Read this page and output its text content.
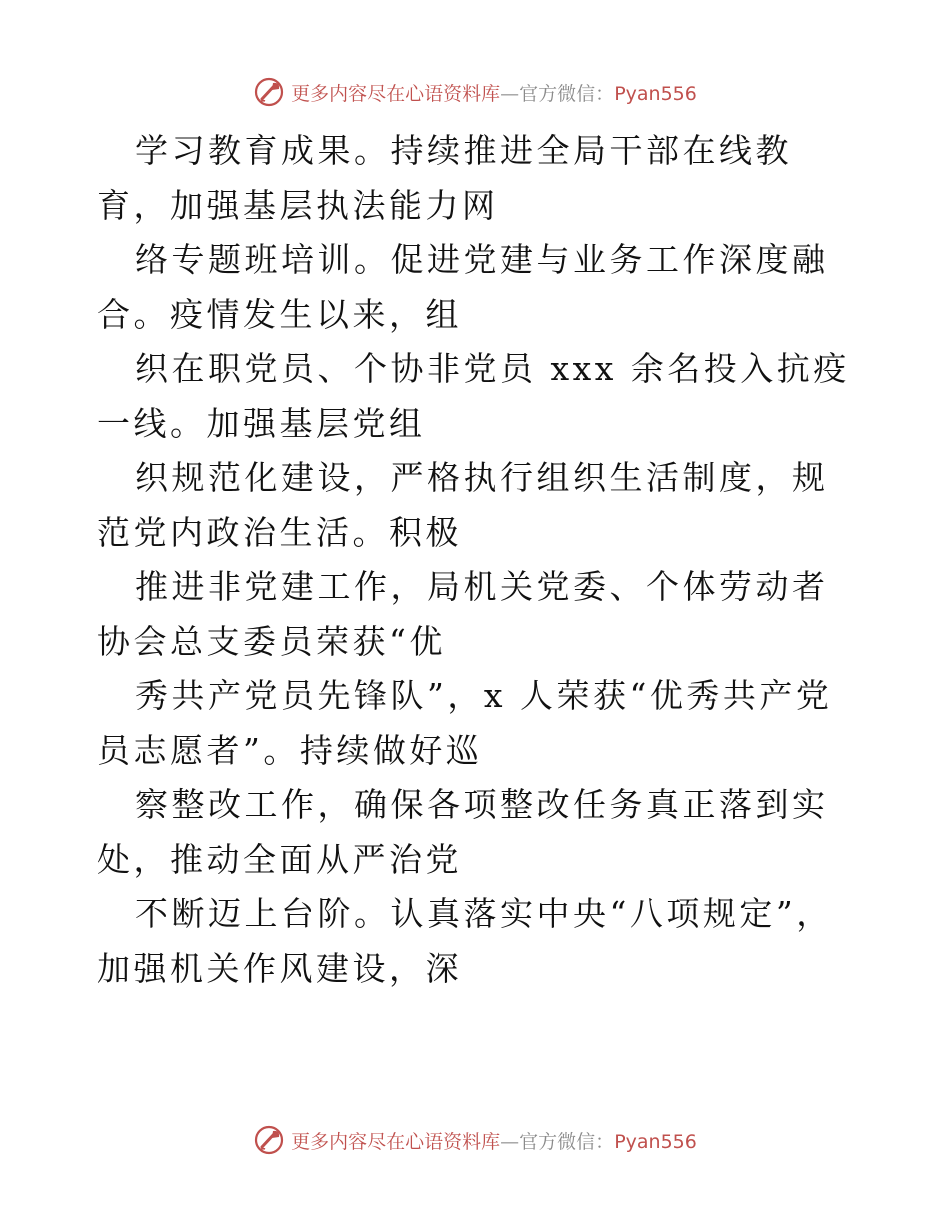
更多内容尽在心语资料库—官方微信：Pyan556

学习教育成果。持续推进全局干部在线教育，加强基层执法能力网

络专题班培训。促进党建与业务工作深度融合。疫情发生以来，组

织在职党员、个协非党员 xxx 余名投入抗疫一线。加强基层党组

织规范化建设，严格执行组织生活制度，规范党内政治生活。积极

推进非党建工作，局机关党委、个体劳动者协会总支委员荣获“优

秀共产党员先锋队”，x 人荣获“优秀共产党员志愿者”。持续做好巡

察整改工作，确保各项整改任务真正落到实处，推动全面从严治党

不断迈上台阶。认真落实中央“八项规定”，加强机关作风建设，深

更多内容尽在心语资料库—官方微信：Pyan556
